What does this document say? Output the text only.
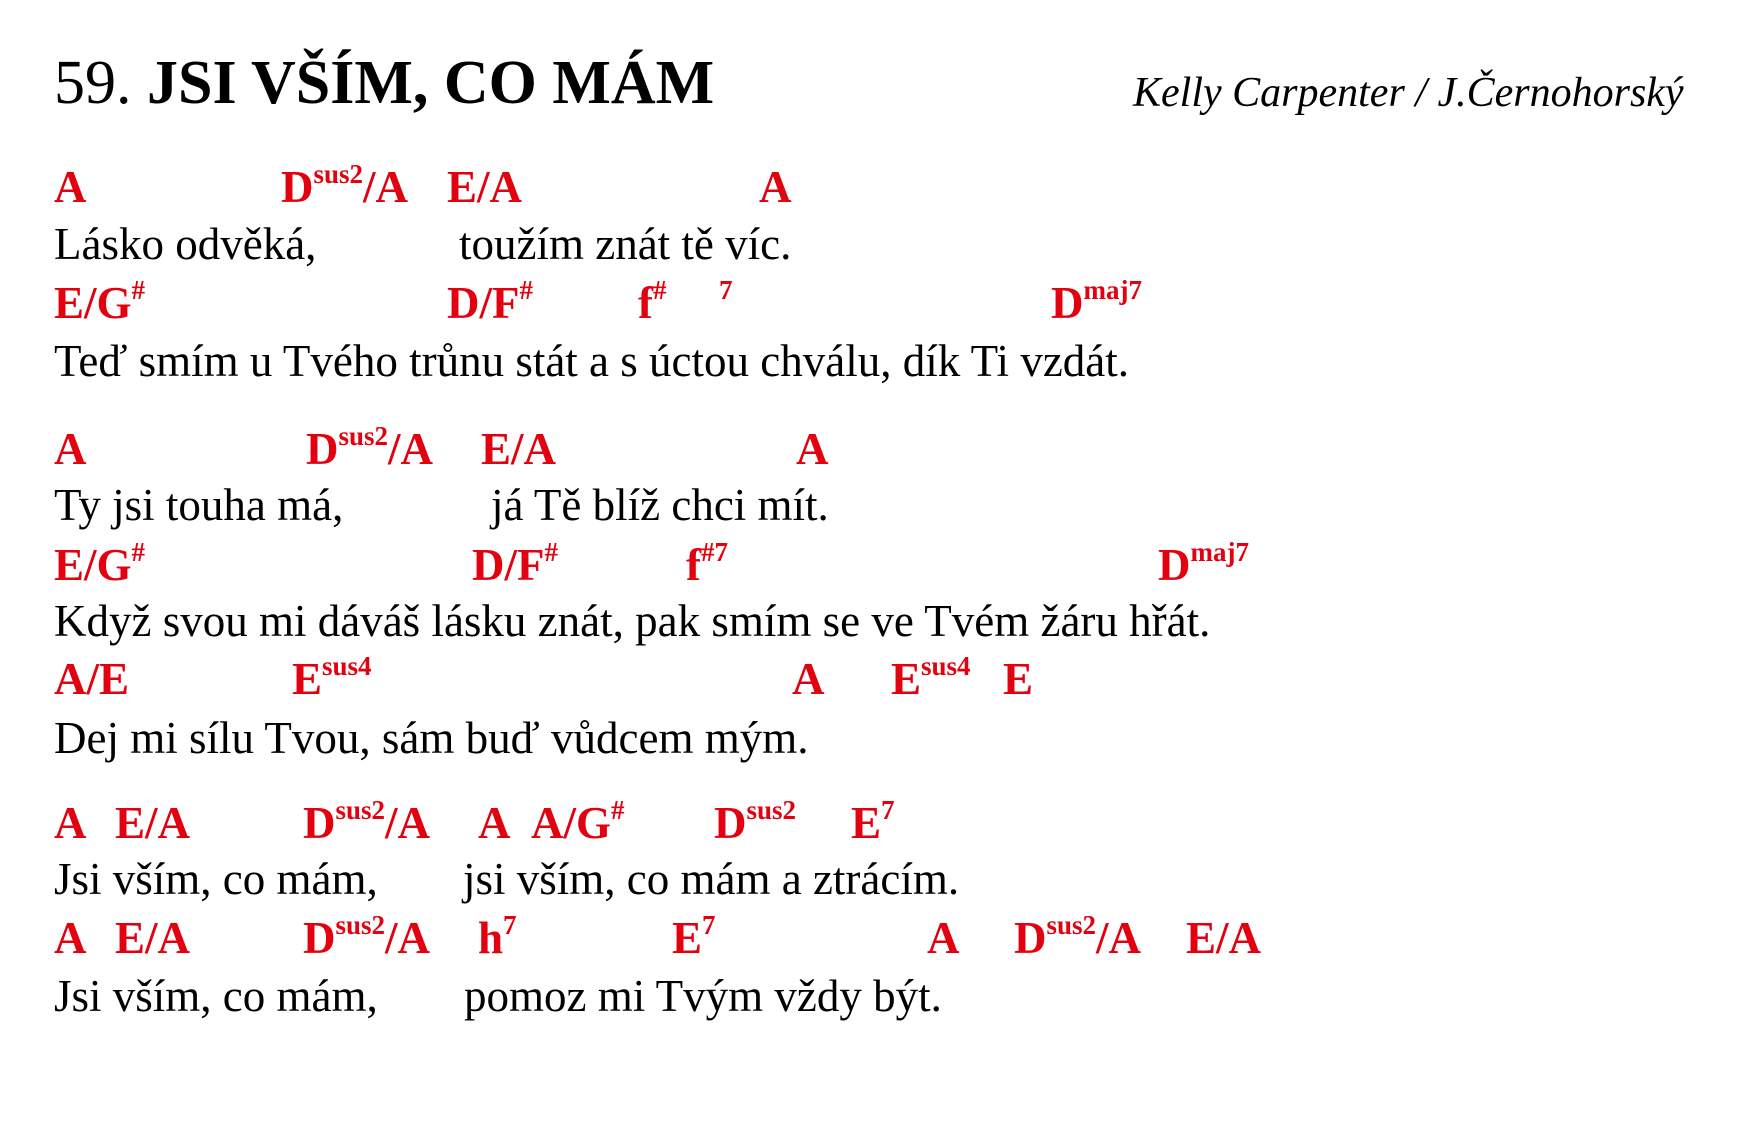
59. JSI VŠÍM, CO MÁM	Kelly Carpenter / J.Černohorský
A	$D^{sus2}/A$ E/A	A
Lásko odvěká,	toužím znát tě víc.
E/G#	D/F# f# $^7$	$D^{maj7}$
Teď smím u Tvého trůnu stát a s úctou chválu, dík Ti vzdát.
A	$D^{sus2}/A$ E/A	A
Ty jsi touha má,	já Tě blíž chci mít.
E/G#	D/F#	$f^{\#7}$	$D^{maj7}$
Když svou mi dáváš lásku znát, pak smím se ve Tvém žáru hřát.
A/E	$E^{sus4}$	A $E^{sus4}$ E
Dej mi sílu Tvou, sám buď vůdcem mým.
A E/A	$D^{sus2}/A$ A A/G# $D^{sus2}$ $E^7$
Jsi vším, co mám, jsi vším, co mám a ztrácím.
A E/A	$D^{sus2}/A$ $h^7$	$E^7$	A $D^{sus2}/A$ E/A
Jsi vším, co mám, pomoz mi Tvým vždy být.
